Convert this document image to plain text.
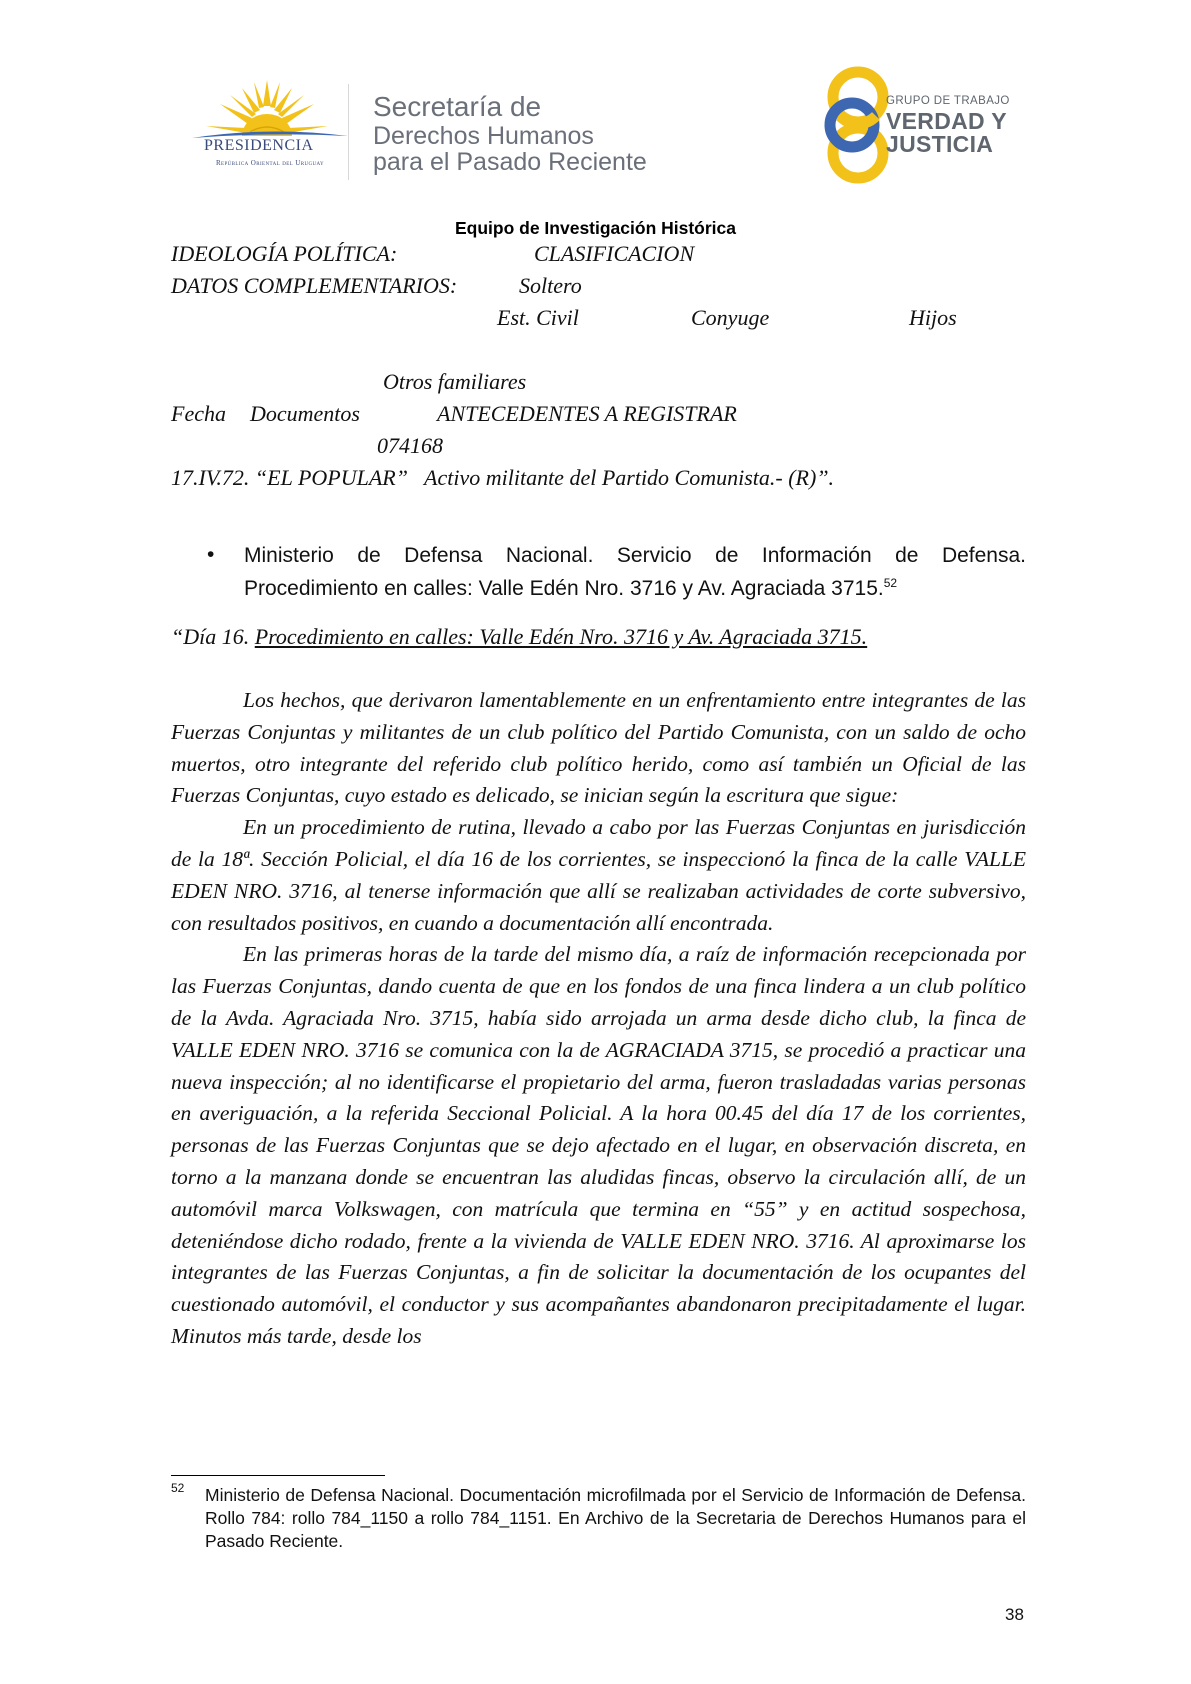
PRESIDENCIA
República Oriental del Uruguay
Secretaría de
Derechos Humanos
para el Pasado Reciente
GRUPO DE TRABAJO
VERDAD Y
JUSTICIA
Equipo de Investigación Histórica
IDEOLOGÍA POLÍTICA:	CLASIFICACION
DATOS COMPLEMENTARIOS:	Soltero
Est. Civil	Conyuge	Hijos
Otros familiares
Fecha Documentos	ANTECEDENTES A REGISTRAR
074168
17.IV.72. “EL POPULAR”   Activo militante del Partido Comunista.- (R)”.
• Ministerio de Defensa Nacional. Servicio de Información de Defensa.
Procedimiento en calles: Valle Edén Nro. 3716 y Av. Agraciada 3715.52
“Día 16. Procedimiento en calles: Valle Edén Nro. 3716 y Av. Agraciada 3715.

Los hechos, que derivaron lamentablemente en un enfrentamiento entre integrantes de las Fuerzas Conjuntas y militantes de un club político del Partido Comunista, con un saldo de ocho muertos, otro integrante del referido club político herido, como así también un Oficial de las Fuerzas Conjuntas, cuyo estado es delicado, se inician según la escritura que sigue:

En un procedimiento de rutina, llevado a cabo por las Fuerzas Conjuntas en jurisdicción de la 18ª. Sección Policial, el día 16 de los corrientes, se inspeccionó la finca de la calle VALLE EDEN NRO. 3716, al tenerse información que allí se realizaban actividades de corte subversivo, con resultados positivos, en cuando a documentación allí encontrada.

En las primeras horas de la tarde del mismo día, a raíz de información recepcionada por las Fuerzas Conjuntas, dando cuenta de que en los fondos de una finca lindera a un club político de la Avda. Agraciada Nro. 3715, había sido arrojada un arma desde dicho club, la finca de VALLE EDEN NRO. 3716 se comunica con la de AGRACIADA 3715, se procedió a practicar una nueva inspección; al no identificarse el propietario del arma, fueron trasladadas varias personas en averiguación, a la referida Seccional Policial. A la hora 00.45 del día 17 de los corrientes, personas de las Fuerzas Conjuntas que se dejo afectado en el lugar, en observación discreta, en torno a la manzana donde se encuentran las aludidas fincas, observo la circulación allí, de un automóvil marca Volkswagen, con matrícula que termina en “55” y en actitud sospechosa, deteniéndose dicho rodado, frente a la vivienda de VALLE EDEN NRO. 3716. Al aproximarse los integrantes de las Fuerzas Conjuntas, a fin de solicitar la documentación de los ocupantes del cuestionado automóvil, el conductor y sus acompañantes abandonaron precipitadamente el lugar. Minutos más tarde, desde los

52 Ministerio de Defensa Nacional. Documentación microfilmada por el Servicio de Información de Defensa. Rollo 784: rollo 784_1150 a rollo 784_1151. En Archivo de la Secretaria de Derechos Humanos para el Pasado Reciente.
38
